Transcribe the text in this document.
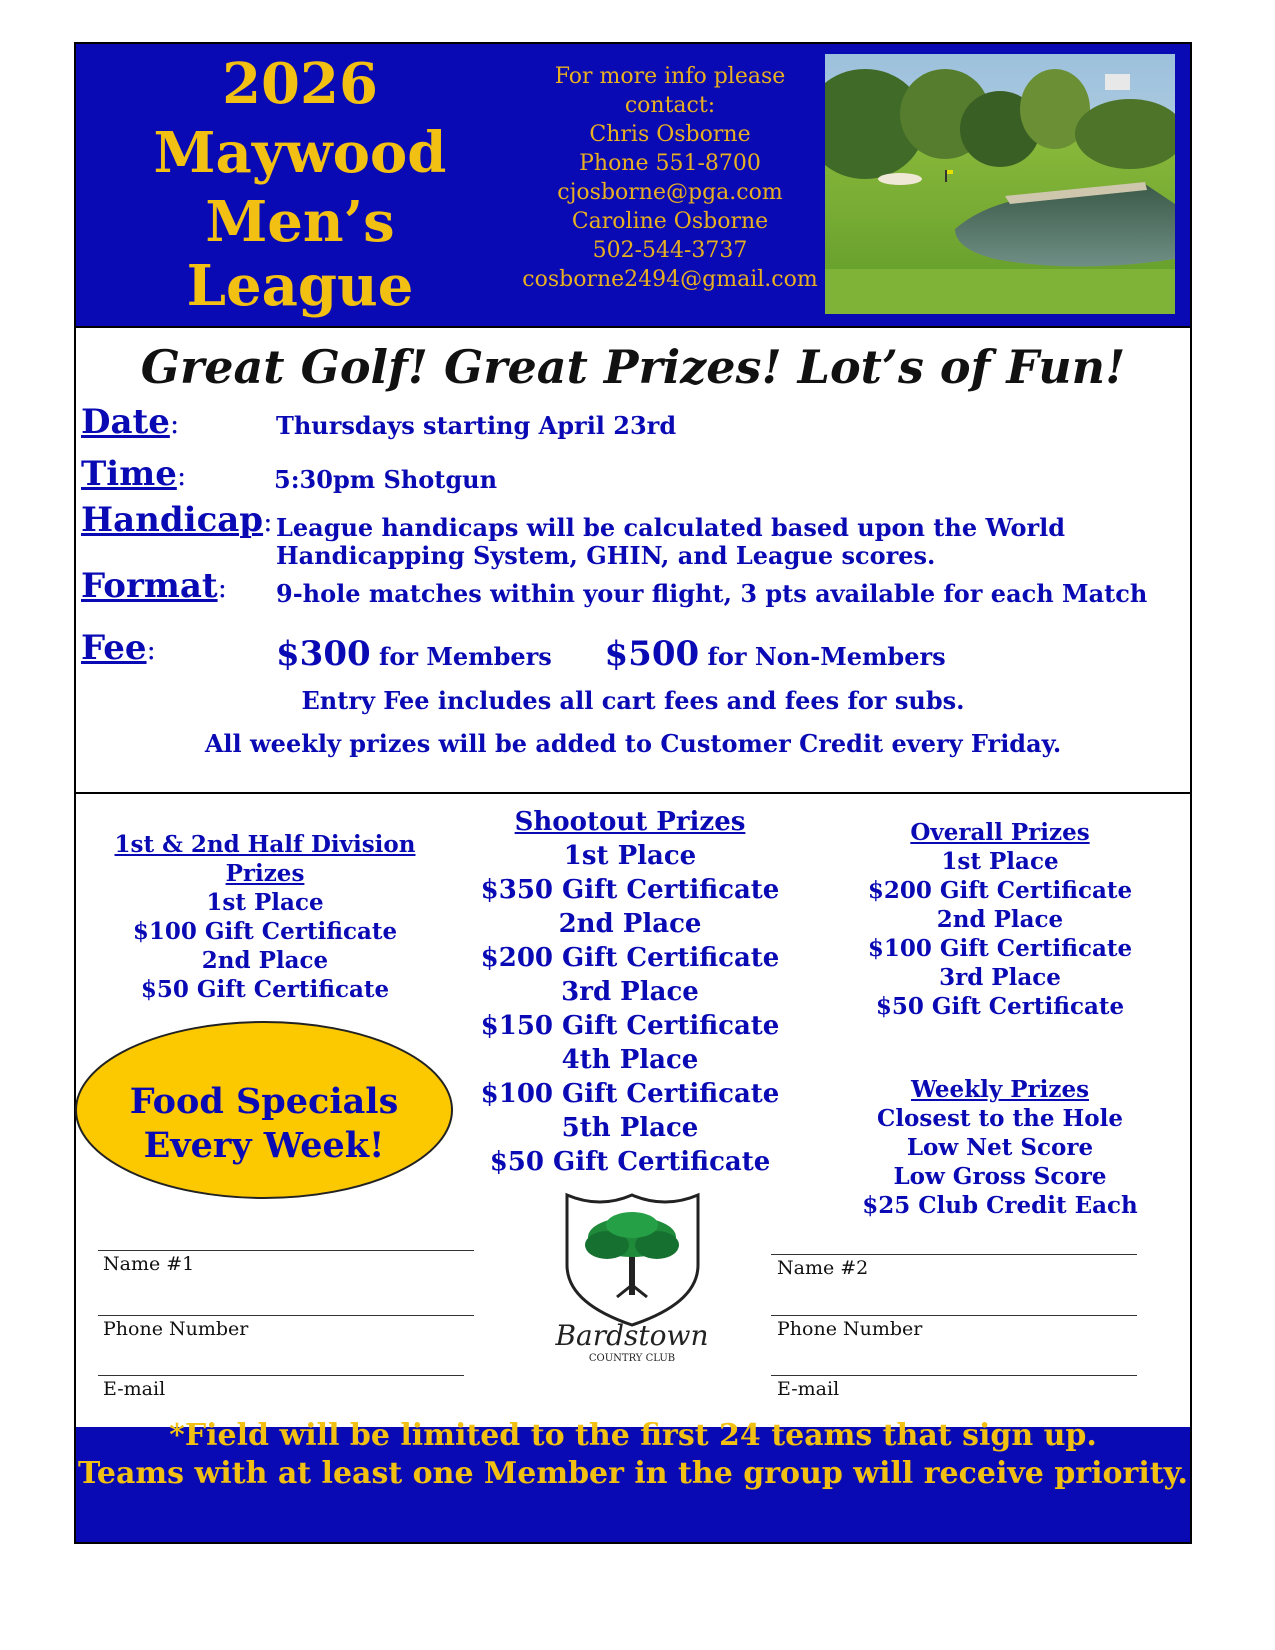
2026
Maywood
Men’s League
For more info please
contact:
Chris Osborne
Phone 551-8700
cjosborne@pga.com
Caroline Osborne
502-544-3737
cosborne2494@gmail.com
Great Golf! Great Prizes! Lot’s of Fun!
Date:	Thursdays starting April 23rd
Time:	5:30pm Shotgun
Handicap: League handicaps will be calculated based upon the World
Handicapping System, GHIN, and League scores.
Format: 9-hole matches within your flight, 3 pts available for each Match
Fee:	$300 for Members $500 for Non-Members
Entry Fee includes all cart fees and fees for subs.
All weekly prizes will be added to Customer Credit every Friday.
1st & 2nd Half Division
Prizes
1st Place
$100 Gift Certificate
2nd Place
$50 Gift Certificate
Shootout Prizes
1st Place
$350 Gift Certificate
2nd Place
$200 Gift Certificate
3rd Place
$150 Gift Certificate
4th Place
$100 Gift Certificate
5th Place
$50 Gift Certificate
Overall Prizes
1st Place
$200 Gift Certificate
2nd Place
$100 Gift Certificate
3rd Place
$50 Gift Certificate
Weekly Prizes
Closest to the Hole
Low Net Score
Low Gross Score
$25 Club Credit Each
Food Specials
Every Week!
Bardstown
COUNTRY CLUB
Name #1
Phone Number
E-mail
Name #2
Phone Number
E-mail
*Field will be limited to the first 24 teams that sign up.
Teams with at least one Member in the group will receive priority.
